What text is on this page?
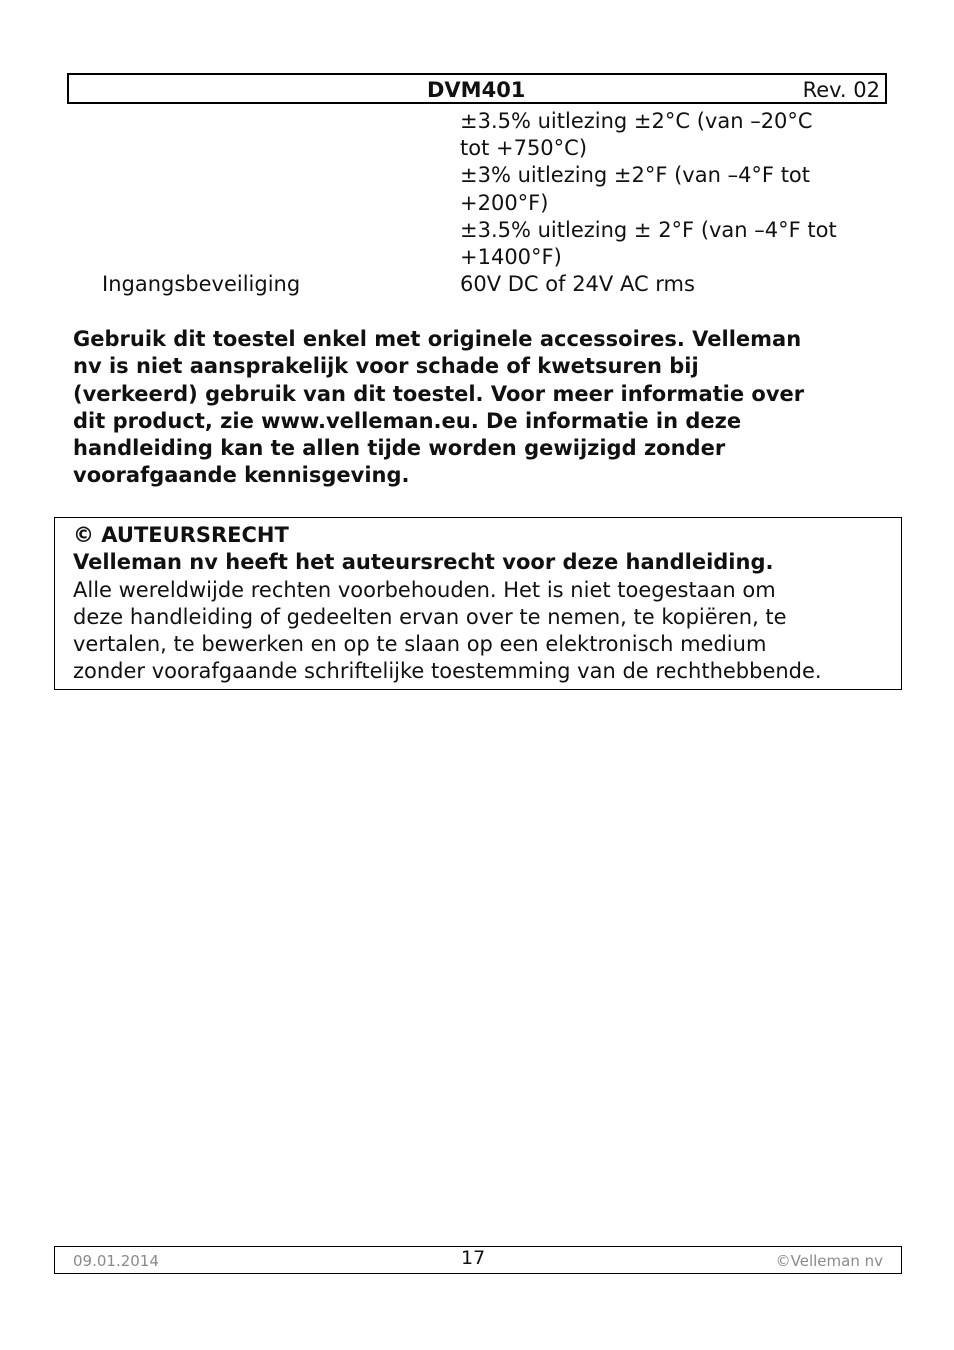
DVM401	Rev. 02
±3.5% uitlezing ±2°C (van –20°C
tot +750°C)
±3% uitlezing ±2°F (van –4°F tot
+200°F)
±3.5% uitlezing ± 2°F (van –4°F tot
+1400°F)
Ingangsbeveiliging	60V DC of 24V AC rms
Gebruik dit toestel enkel met originele accessoires. Velleman
nv is niet aansprakelijk voor schade of kwetsuren bij
(verkeerd) gebruik van dit toestel. Voor meer informatie over
dit product, zie www.velleman.eu. De informatie in deze
handleiding kan te allen tijde worden gewijzigd zonder
voorafgaande kennisgeving.
© AUTEURSRECHT
Velleman nv heeft het auteursrecht voor deze handleiding.
Alle wereldwijde rechten voorbehouden. Het is niet toegestaan om
deze handleiding of gedeelten ervan over te nemen, te kopiëren, te
vertalen, te bewerken en op te slaan op een elektronisch medium
zonder voorafgaande schriftelijke toestemming van de rechthebbende.
09.01.2014	17	©Velleman nv
